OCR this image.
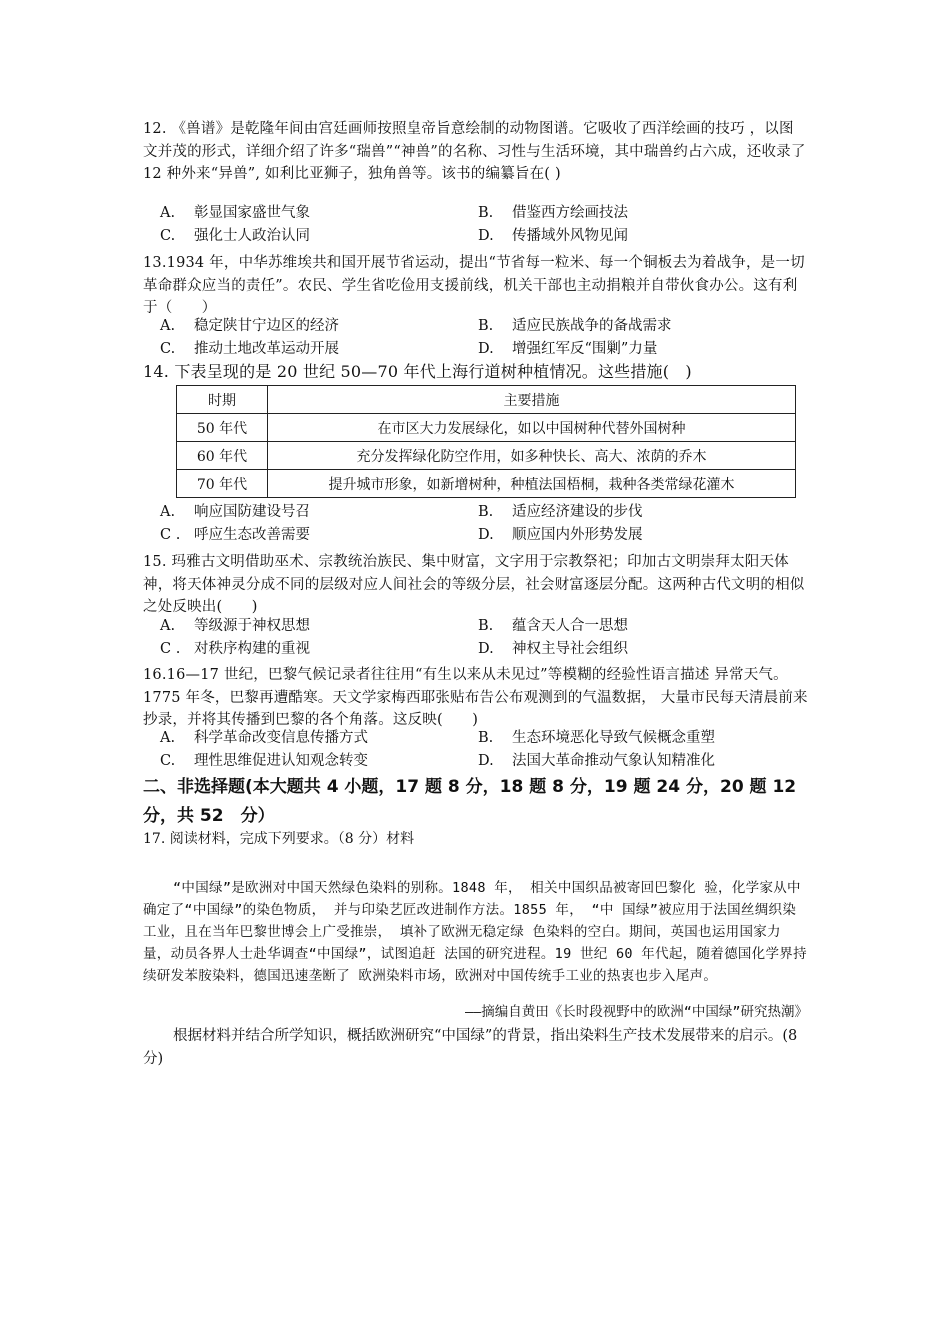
12. 《兽谱》是乾隆年间由宫廷画师按照皇帝旨意绘制的动物图谱。它吸收了西洋绘画的技巧 ，以图文并茂的形式，详细介绍了许多“瑞兽”“神兽”的名称、习性与生活环境，其中瑞兽约占六成，还收录了 12 种外来“异兽”, 如利比亚狮子，独角兽等。该书的编纂旨在( )
A. 彰显国家盛世气象	B. 借鉴西方绘画技法
C. 强化士人政治认同	D. 传播域外风物见闻
13.1934 年，中华苏维埃共和国开展节省运动，提出“节省每一粒米、每一个铜板去为着战争，是一切革命群众应当的责任”。农民、学生省吃俭用支援前线，机关干部也主动捐粮并自带伙食办公。这有利于（　　）
A. 稳定陕甘宁边区的经济	B. 适应民族战争的备战需求
C. 推动土地改革运动开展	D. 增强红军反“围剿”力量
14. 下表呈现的是 20 世纪 50—70 年代上海行道树种植情况。这些措施(　)
时期	主要措施
50 年代	在市区大力发展绿化，如以中国树种代替外国树种
60 年代	充分发挥绿化防空作用，如多种快长、高大、浓荫的乔木
70 年代	提升城市形象，如新增树种，种植法国梧桐，栽种各类常绿花灌木
A. 响应国防建设号召	B. 适应经济建设的步伐
C . 呼应生态改善需要	D. 顺应国内外形势发展
15. 玛雅古文明借助巫术、宗教统治族民、集中财富，文字用于宗教祭祀；印加古文明崇拜太阳天体神，将天体神灵分成不同的层级对应人间社会的等级分层，社会财富逐层分配。这两种古代文明的相似之处反映出(　　)
A. 等级源于神权思想	B. 蕴含天人合一思想
C . 对秩序构建的重视	D. 神权主导社会组织
16.16—17 世纪，巴黎气候记录者往往用“有生以来从未见过”等模糊的经验性语言描述 异常天气。1775 年冬，巴黎再遭酷寒。天文学家梅西耶张贴布告公布观测到的气温数据， 大量市民每天清晨前来抄录，并将其传播到巴黎的各个角落。这反映(　　)
A. 科学革命改变信息传播方式	B. 生态环境恶化导致气候概念重塑
C. 理性思维促进认知观念转变	D. 法国大革命推动气象认知精准化
二、非选择题(本大题共 4 小题，17 题 8 分，18 题 8 分，19 题 24 分，20 题 12 分，共 52　分）
17. 阅读材料，完成下列要求。（8 分）材料
“中国绿”是欧洲对中国天然绿色染料的别称。1848 年， 相关中国织品被寄回巴黎化 验，化学家从中确定了“中国绿”的染色物质， 并与印染艺匠改进制作方法。1855 年， “中 国绿”被应用于法国丝绸织染工业，且在当年巴黎世博会上广受推崇， 填补了欧洲无稳定绿 色染料的空白。期间，英国也运用国家力量，动员各界人士赴华调查“中国绿”，试图追赶 法国的研究进程。19 世纪 60 年代起，随着德国化学界持续研发苯胺染料，德国迅速垄断了 欧洲染料市场，欧洲对中国传统手工业的热衷也步入尾声。
——摘编自黄田《长时段视野中的欧洲“中国绿”研究热潮》
根据材料并结合所学知识，概括欧洲研究“中国绿”的背景，指出染料生产技术发展带来的启示。(8 分)
